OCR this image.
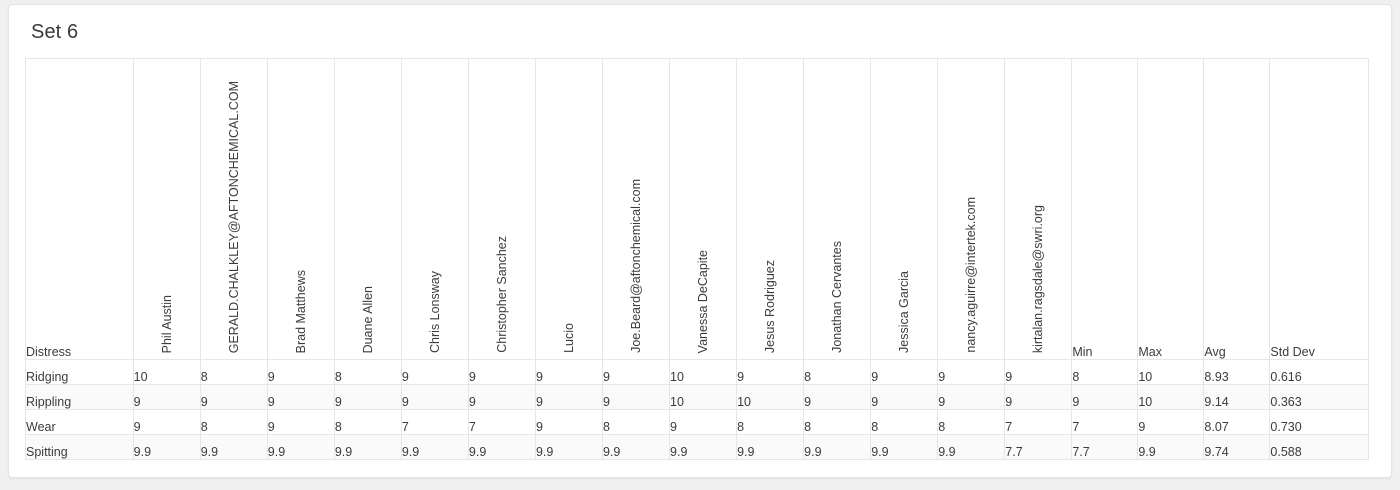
Set 6
Distress	Phil Austin	GERALD.CHALKLEY@AFTONCHEMICAL.COM	Brad Matthews	Duane Allen	Chris Lonsway	Christopher Sanchez	Lucio	Joe.Beard@aftonchemical.com	Vanessa DeCapite	Jesus Rodriguez	Jonathan Cervantes	Jessica Garcia	nancy.aguirre@intertek.com	kirtalan.ragsdale@swri.org	Min	Max	Avg	Std Dev
Ridging	10	8	9	8	9	9	9	9	10	9	8	9	9	9	8	10	8.93	0.616
Rippling	9	9	9	9	9	9	9	9	10	10	9	9	9	9	9	10	9.14	0.363
Wear	9	8	9	8	7	7	9	8	9	8	8	8	8	7	7	9	8.07	0.730
Spitting	9.9	9.9	9.9	9.9	9.9	9.9	9.9	9.9	9.9	9.9	9.9	9.9	9.9	7.7	7.7	9.9	9.74	0.588
